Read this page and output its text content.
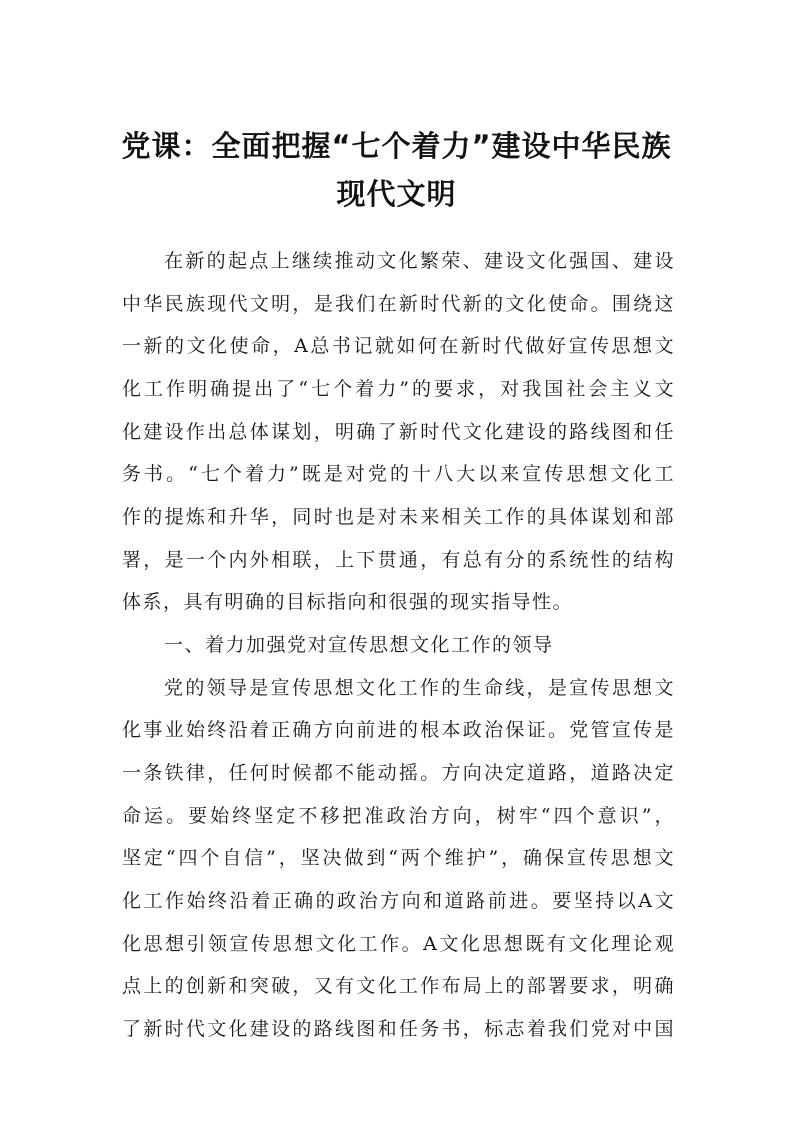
党课：全面把握“七个着力”建设中华民族
现代文明
在新的起点上继续推动文化繁荣、建设文化强国、建设
中华民族现代文明，是我们在新时代新的文化使命。围绕这
一新的文化使命，A总书记就如何在新时代做好宣传思想文
化工作明确提出了“七个着力”的要求，对我国社会主义文
化建设作出总体谋划，明确了新时代文化建设的路线图和任
务书。“七个着力”既是对党的十八大以来宣传思想文化工
作的提炼和升华，同时也是对未来相关工作的具体谋划和部
署，是一个内外相联，上下贯通，有总有分的系统性的结构
体系，具有明确的目标指向和很强的现实指导性。
一、着力加强党对宣传思想文化工作的领导
党的领导是宣传思想文化工作的生命线，是宣传思想文
化事业始终沿着正确方向前进的根本政治保证。党管宣传是
一条铁律，任何时候都不能动摇。方向决定道路，道路决定
命运。要始终坚定不移把准政治方向，树牢“四个意识”，
坚定“四个自信”，坚决做到“两个维护”，确保宣传思想文
化工作始终沿着正确的政治方向和道路前进。要坚持以A文
化思想引领宣传思想文化工作。A文化思想既有文化理论观
点上的创新和突破，又有文化工作布局上的部署要求，明确
了新时代文化建设的路线图和任务书，标志着我们党对中国
